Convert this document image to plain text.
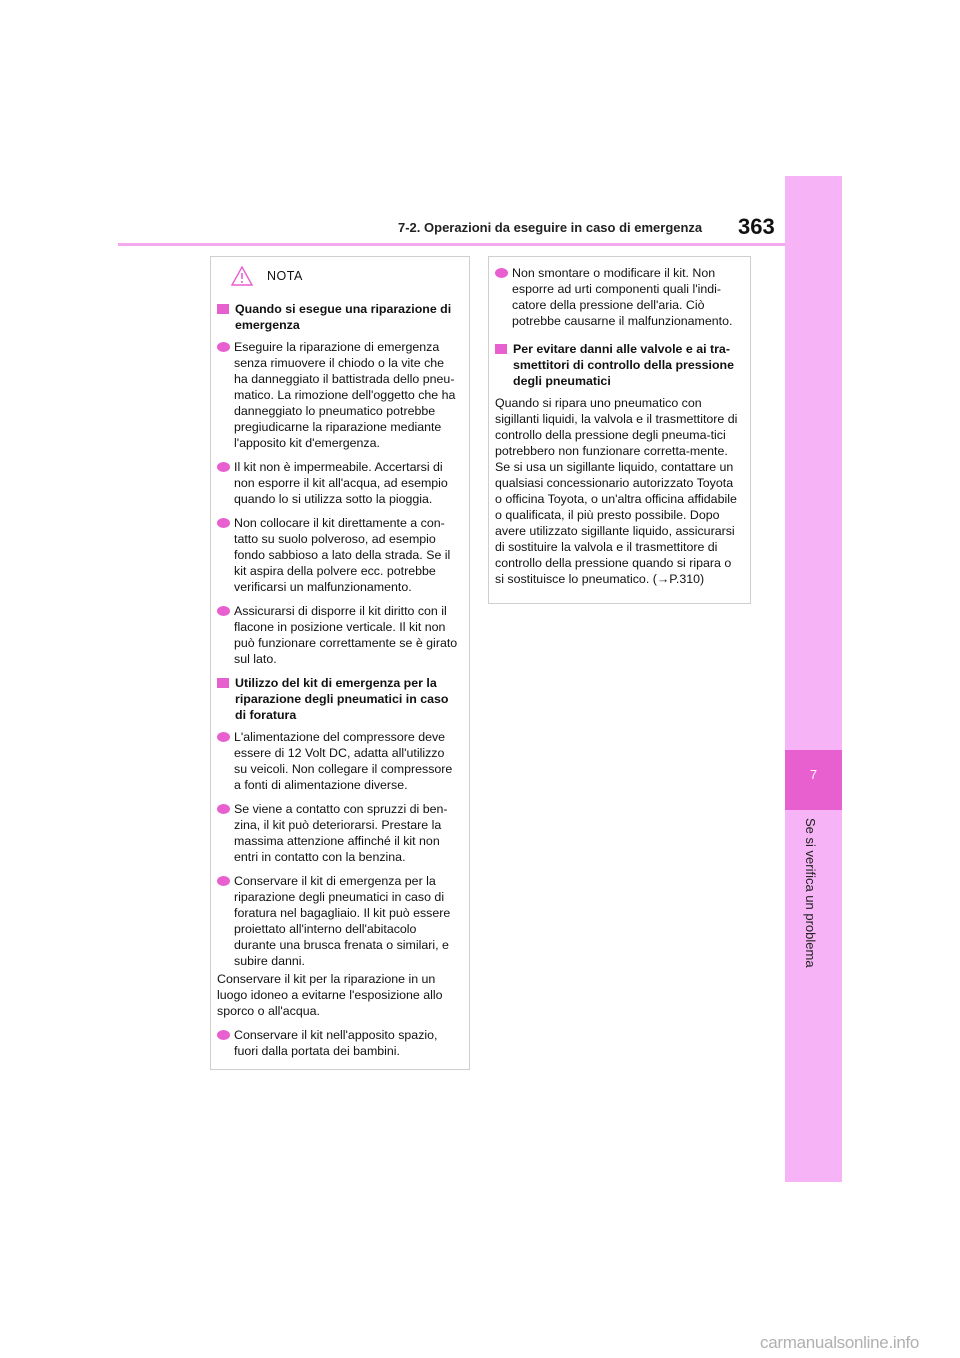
7
Se si verifica un problema
7-2. Operazioni da eseguire in caso di emergenza 363
NOTA
Quando si esegue una riparazione di emergenza
Eseguire la riparazione di emergenza senza rimuovere il chiodo o la vite che ha danneggiato il battistrada dello pneu-matico. La rimozione dell'oggetto che ha danneggiato lo pneumatico potrebbe pregiudicarne la riparazione mediante l'apposito kit d'emergenza.
Il kit non è impermeabile. Accertarsi di non esporre il kit all'acqua, ad esempio quando lo si utilizza sotto la pioggia.
Non collocare il kit direttamente a con-tatto su suolo polveroso, ad esempio fondo sabbioso a lato della strada. Se il kit aspira della polvere ecc. potrebbe verificarsi un malfunzionamento.
Assicurarsi di disporre il kit diritto con il flacone in posizione verticale. Il kit non può funzionare correttamente se è girato sul lato.
Utilizzo del kit di emergenza per la riparazione degli pneumatici in caso di foratura
L'alimentazione del compressore deve essere di 12 Volt DC, adatta all'utilizzo su veicoli. Non collegare il compressore a fonti di alimentazione diverse.
Se viene a contatto con spruzzi di ben-zina, il kit può deteriorarsi. Prestare la massima attenzione affinché il kit non entri in contatto con la benzina.
Conservare il kit di emergenza per la riparazione degli pneumatici in caso di foratura nel bagagliaio. Il kit può essere proiettato all'interno dell'abitacolo durante una brusca frenata o similari, e subire danni.
Conservare il kit per la riparazione in un luogo idoneo a evitarne l'esposizione allo sporco o all'acqua.
Conservare il kit nell'apposito spazio, fuori dalla portata dei bambini.
Non smontare o modificare il kit. Non esporre ad urti componenti quali l'indi-catore della pressione dell'aria. Ciò potrebbe causarne il malfunzionamento.
Per evitare danni alle valvole e ai tra-smettitori di controllo della pressione degli pneumatici
Quando si ripara uno pneumatico con sigillanti liquidi, la valvola e il trasmettitore di controllo della pressione degli pneuma-tici potrebbero non funzionare corretta-mente. Se si usa un sigillante liquido, contattare un qualsiasi concessionario autorizzato Toyota o officina Toyota, o un'altra officina affidabile o qualificata, il più presto possibile. Dopo avere utilizzato sigillante liquido, assicurarsi di sostituire la valvola e il trasmettitore di controllo della pressione quando si ripara o si sostituisce lo pneumatico. (→P.310)
carmanualsonline.info
